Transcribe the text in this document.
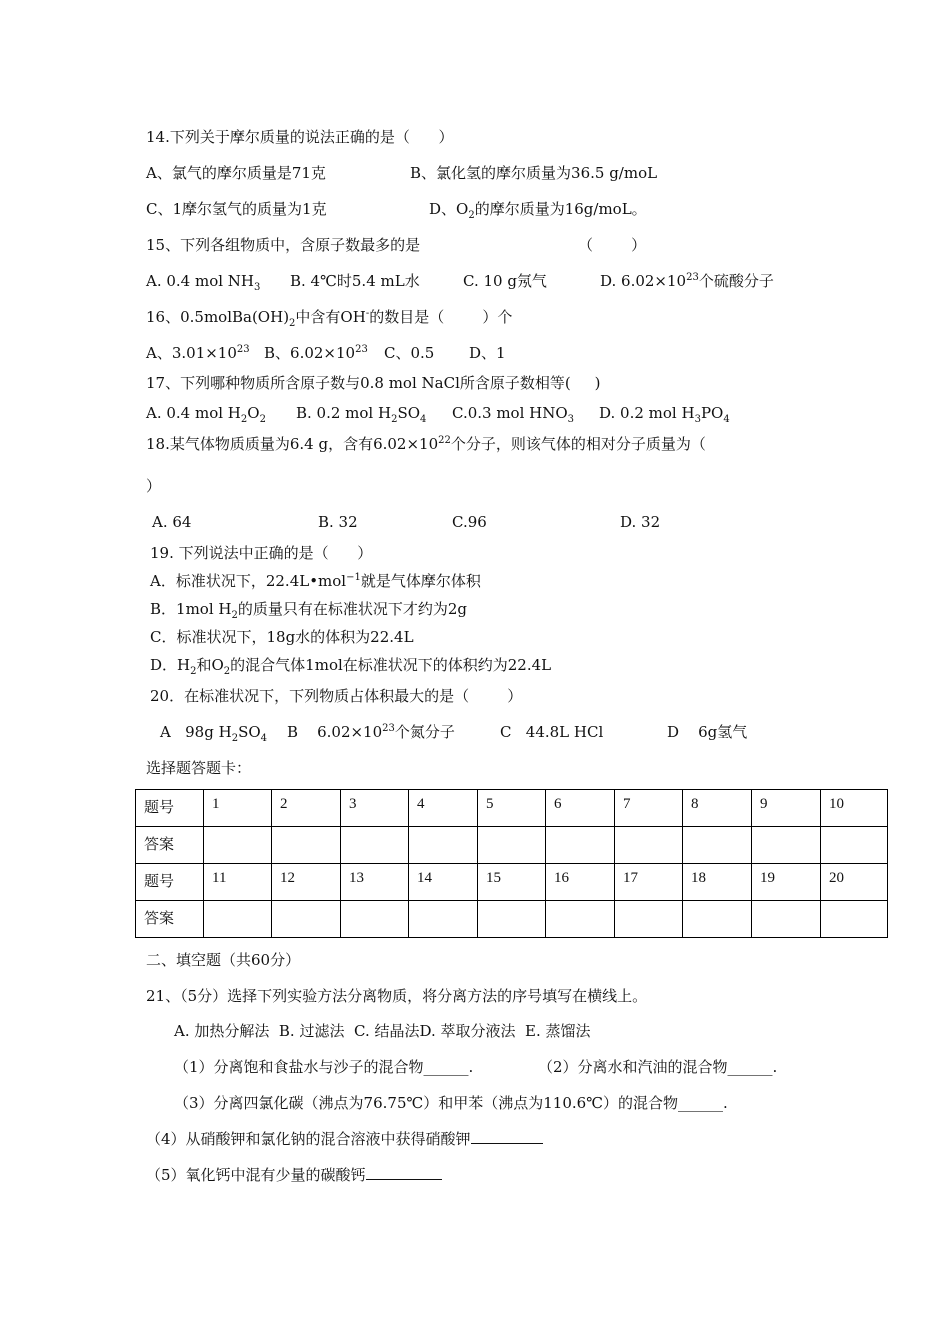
14.下列关于摩尔质量的说法正确的是（      ）
A、氯气的摩尔质量是71克	B、氯化氢的摩尔质量为36.5 g/moL
C、1摩尔氢气的质量为1克	D、$O_2$的摩尔质量为16g/moL。
15、下列各组物质中，含原子数最多的是	（        ）
A. 0.4 mol $NH_3$ B. 4℃时5.4 mL水	C. 10 g氖气	D. $6.02\times 10^{23}$个硫酸分子
16、$0.5molBa(OH)_2$中含有OH-的数目是（        ）个
A、$3.01\times 10^{23}$ B、$6.02\times 10^{23}$ C、0.5 D、1
17、下列哪种物质所含原子数与0.8 mol NaCl所含原子数相等(     )
A. 0.4 mol $H_2O_2$ B. 0.2 mol $H_2SO_4$ C.0.3 mol $HNO_3$ D. 0.2 mol $H_3PO_4$
18.某气体物质质量为6.4 g，含有$6.02\times 10^{22}$个分子，则该气体的相对分子质量为（
）
A. 64	B. 32	C.96	D. 32
19. 下列说法中正确的是（      ）
A．标准状况下，22.4L•mol$^{-1}$就是气体摩尔体积
B．1mol $H_2$的质量只有在标准状况下才约为2g
C．标准状况下，18g水的体积为22.4L
D．$H_2$和$O_2$的混合气体1mol在标准状况下的体积约为22.4L
20．在标准状况下，下列物质占体积最大的是（        ）
A   98g $H_2SO_4$ B    $6.02\times 10^{23}$个氮分子	C   44.8L HCl	D    6g氢气
选择题答题卡：
题号	1	2	3	4	5	6	7	8	9	10
答案										
题号	11	12	13	14	15	16	17	18	19	20
答案										
二、填空题（共60分）
21、（5分）选择下列实验方法分离物质，将分离方法的序号填写在横线上。
A. 加热分解法  B. 过滤法  C. 结晶法D. 萃取分液法  E. 蒸馏法
（1）分离饱和食盐水与沙子的混合物______.	（2）分离水和汽油的混合物______.
（3）分离四氯化碳（沸点为76.75℃）和甲苯（沸点为110.6℃）的混合物______.
（4）从硝酸钾和氯化钠的混合溶液中获得硝酸钾
（5）氧化钙中混有少量的碳酸钙
